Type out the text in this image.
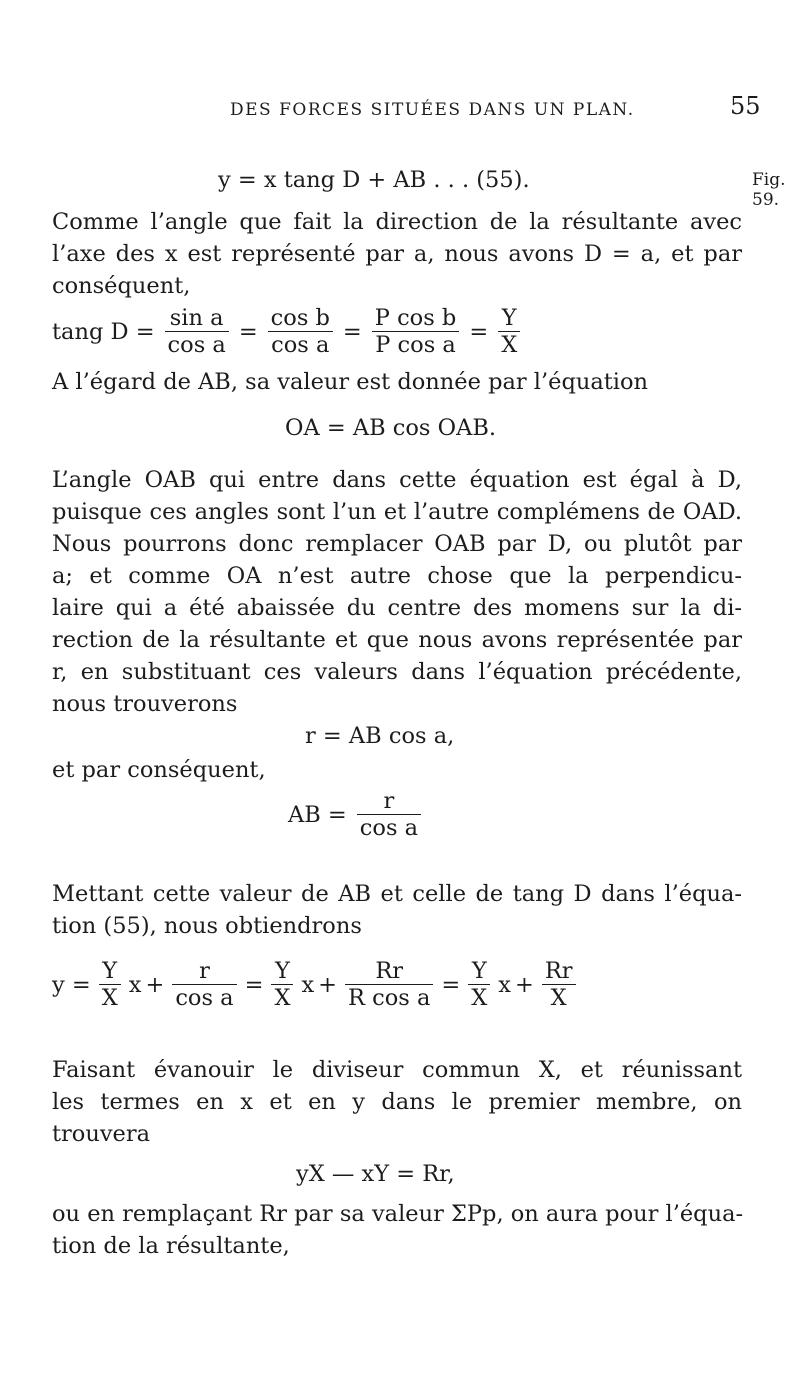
DES FORCES SITUÉES DANS UN PLAN.	55
Fig. 59.
y = x tang D + AB . . . (55).
Comme l’angle que fait la direction de la résultante avec
l’axe des x est représenté par a, nous avons D = a, et par
conséquent,
tang $D = \frac{\text{sin a}}{\text{cos a}} = \frac{\text{cos b}}{\text{cos a}} = \frac{\text{P cos b}}{\text{P cos a}} = \frac{Y}{X}$
A l’égard de AB, sa valeur est donnée par l’équation
OA = AB cos OAB.
L’angle OAB qui entre dans cette équation est égal à D,
puisque ces angles sont l’un et l’autre complémens de OAD.
Nous pourrons donc remplacer OAB par D, ou plutôt par
a; et comme OA n’est autre chose que la perpendicu-
laire qui a été abaissée du centre des momens sur la di-
rection de la résultante et que nous avons représentée par
r, en substituant ces valeurs dans l’équation précédente,
nous trouverons
r = AB cos a,
et par conséquent,
AB = $\frac{r}{\text{cos a}}$
Mettant cette valeur de AB et celle de tang D dans l’équa-
tion (55), nous obtiendrons
$y = \frac{Y}{X}$ $x + \frac{r}{\text{cos a}} = \frac{Y}{X}$ $x + \frac{Rr}{\text{R cos a}} = \frac{Y}{X}$ $x + \frac{Rr}{X}$
Faisant évanouir le diviseur commun X, et réunissant
les termes en x et en y dans le premier membre, on
trouvera
yX — xY = Rr,
ou en remplaçant Rr par sa valeur ΣPp, on aura pour l’équa-
tion de la résultante,
